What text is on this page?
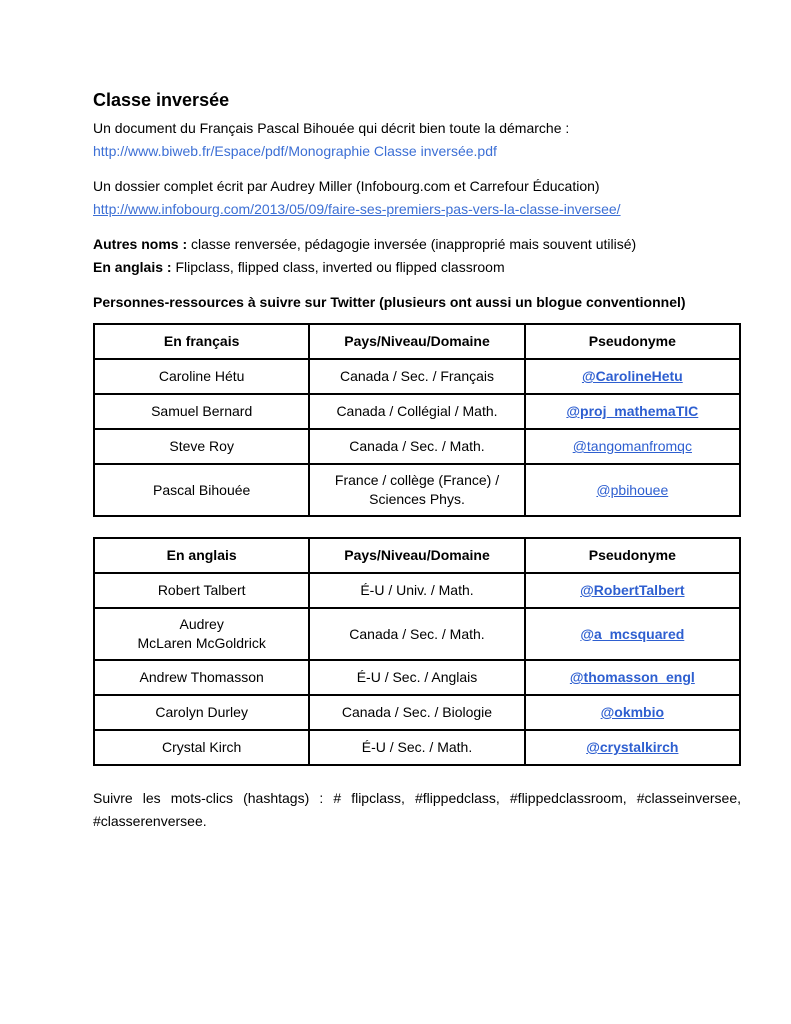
Classe inversée

Un document du Français Pascal Bihouée qui décrit bien toute la démarche :
http://www.biweb.fr/Espace/pdf/Monographie Classe inversée.pdf

Un dossier complet écrit par Audrey Miller (Infobourg.com et Carrefour Éducation)
http://www.infobourg.com/2013/05/09/faire-ses-premiers-pas-vers-la-classe-inversee/

Autres noms : classe renversée, pédagogie inversée (inapproprié mais souvent utilisé)
En anglais : Flipclass, flipped class, inverted ou flipped classroom

Personnes-ressources à suivre sur Twitter (plusieurs ont aussi un blogue conventionnel)

En français	Pays/Niveau/Domaine	Pseudonyme
Caroline Hétu	Canada / Sec. / Français	@CarolineHetu
Samuel Bernard	Canada / Collégial / Math.	@proj_mathemaTIC
Steve Roy	Canada / Sec. / Math.	@tangomanfromqc
Pascal Bihouée	France / collège (France) /
Sciences Phys.	@pbihouee
En anglais	Pays/Niveau/Domaine	Pseudonyme
Robert Talbert	É-U / Univ. / Math.	@RobertTalbert
Audrey
McLaren McGoldrick	Canada / Sec. / Math.	@a_mcsquared
Andrew Thomasson	É-U / Sec. / Anglais	@thomasson_engl
Carolyn Durley	Canada / Sec. / Biologie	@okmbio
Crystal Kirch	É-U / Sec. / Math.	@crystalkirch
Suivre les mots-clics (hashtags) : # flipclass, #flippedclass, #flippedclassroom, #classeinversee,
#classerenversee.
